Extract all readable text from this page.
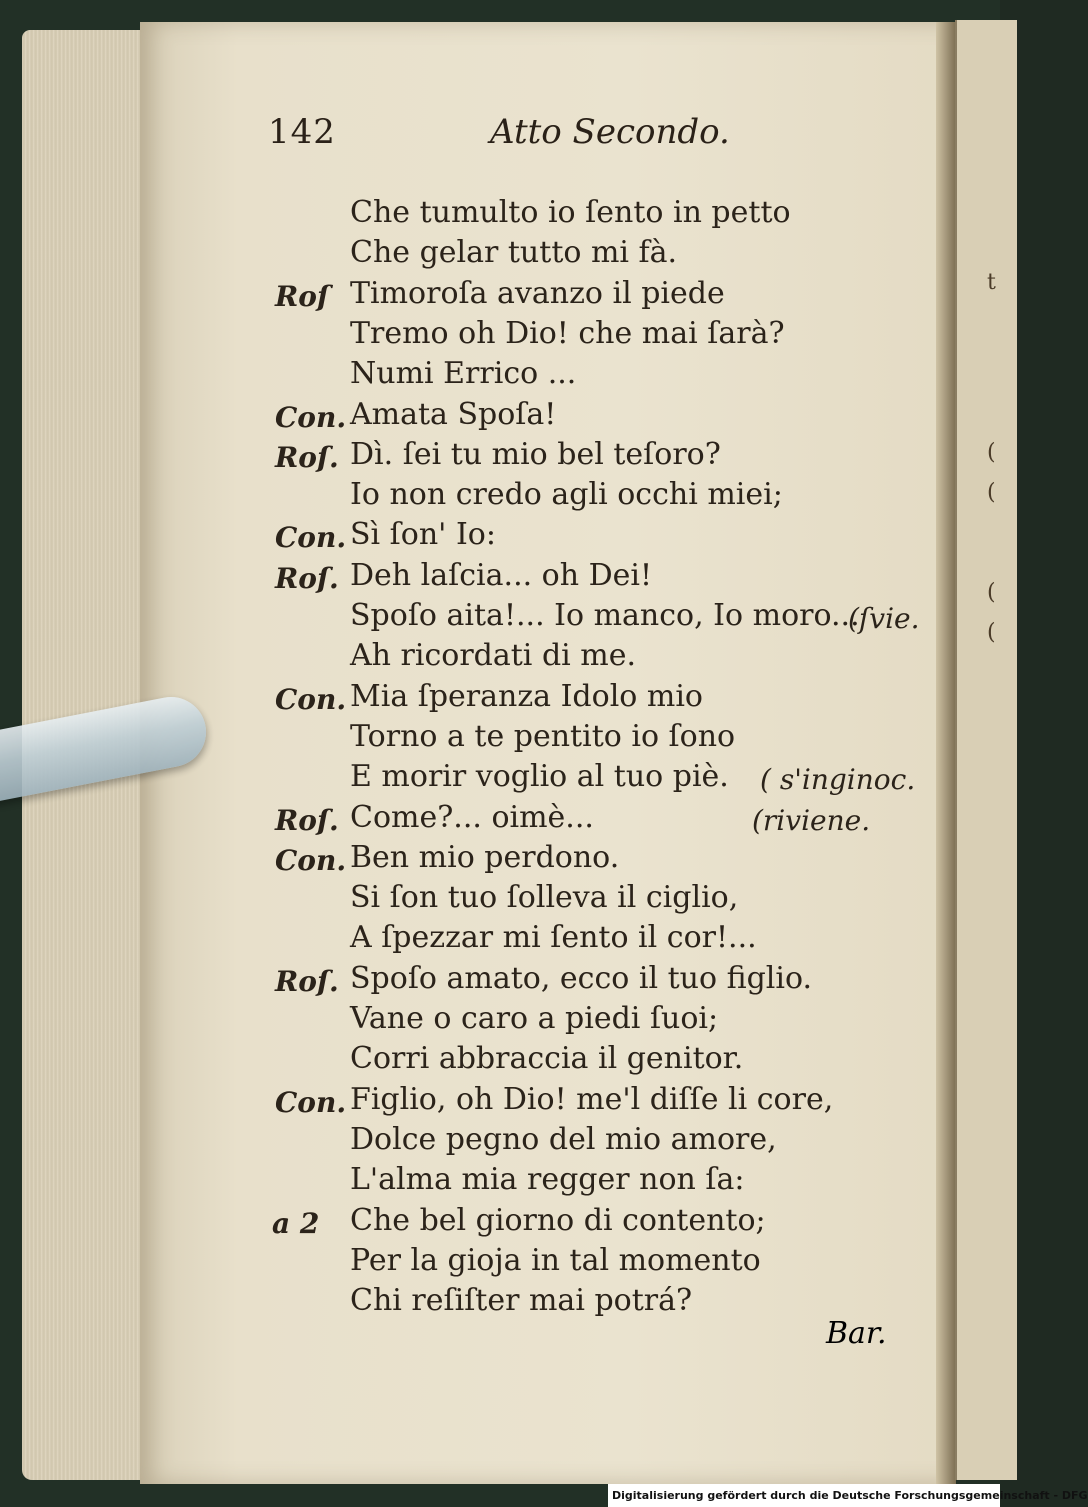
t
(
(
(
(
142	Atto Secondo.
Che tumulto io ſento in petto
Che gelar tutto mi fà.
Roſ Timoroſa avanzo il piede
Tremo oh Dio! che mai ſarà?
Numi Errico ...
Con. Amata Spoſa!
Roſ. Dì. ſei tu mio bel teſoro?
Io non credo agli occhi miei;
Con. Sì ſon' Io:
Roſ. Deh laſcia... oh Dei!
Spoſo aita!... Io manco, Io moro...
(ſvie.
Ah ricordati di me.
Con. Mia ſperanza Idolo mio
Torno a te pentito io ſono
E morir voglio al tuo piè. ( s'inginoc.
Roſ. Come?... oimè...	(riviene.
Con. Ben mio perdono.
Si ſon tuo ſolleva il ciglio,
A ſpezzar mi ſento il cor!...
Roſ. Spoſo amato, ecco il tuo figlio.
Vane o caro a piedi ſuoi;
Corri abbraccia il genitor.
Con. Figlio, oh Dio! me'l diſſe li core,
Dolce pegno del mio amore,
L'alma mia regger non ſa:
a 2 Che bel giorno di contento;
Per la gioja in tal momento
Chi reſiſter mai potrá?
Bar.
Digitalisierung gefördert durch die Deutsche Forschungsgemeinschaft - DFG
